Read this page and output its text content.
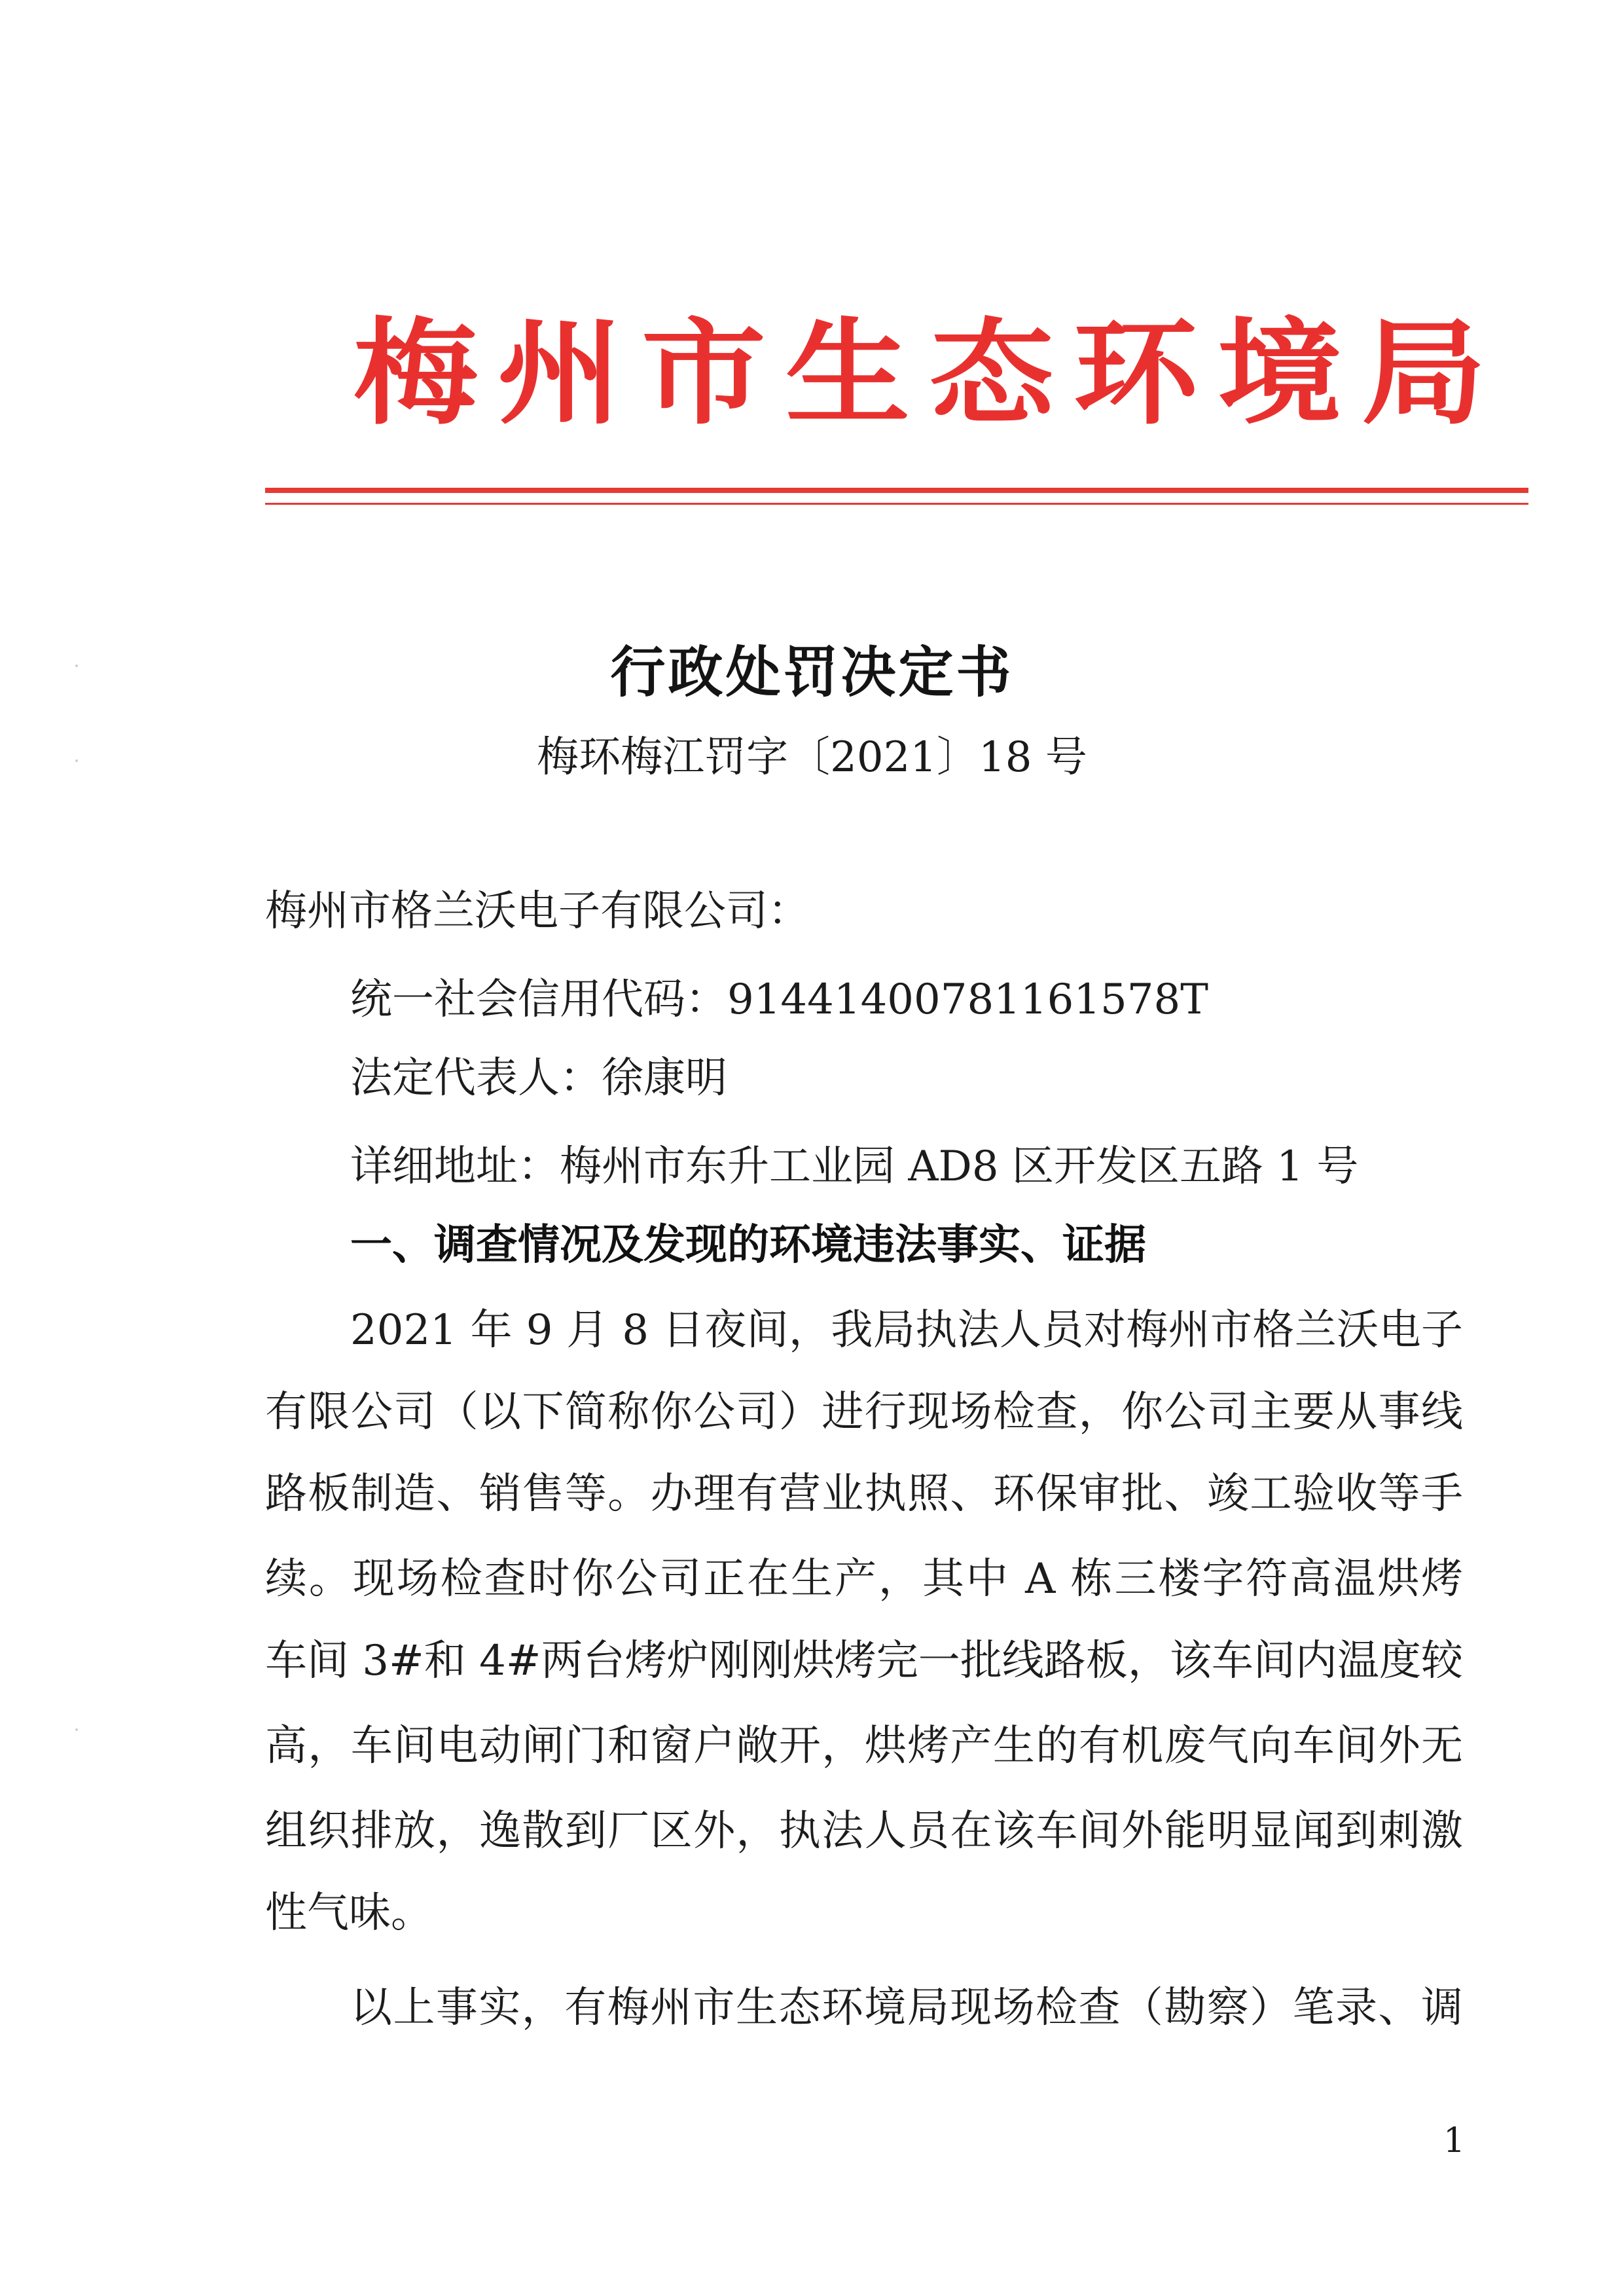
梅 州 市 生 态 环 境 局
行政处罚决定书
梅环梅江罚字〔2021〕18 号
梅州市格兰沃电子有限公司：
统一社会信用代码：91441400781161578T
法定代表人：徐康明
详细地址：梅州市东升工业园 AD8 区开发区五路 1 号
一、调查情况及发现的环境违法事实、证据
2021 年 9 月 8 日夜间，我局执法人员对梅州市格兰沃电子
有限公司（以下简称你公司）进行现场检查，你公司主要从事线
路板制造、销售等。办理有营业执照、环保审批、竣工验收等手
续。现场检查时你公司正在生产，其中 A 栋三楼字符高温烘烤
车间 3#和 4#两台烤炉刚刚烘烤完一批线路板，该车间内温度较
高，车间电动闸门和窗户敞开，烘烤产生的有机废气向车间外无
组织排放，逸散到厂区外，执法人员在该车间外能明显闻到刺激
性气味。
以上事实，有梅州市生态环境局现场检查（勘察）笔录、调
1
